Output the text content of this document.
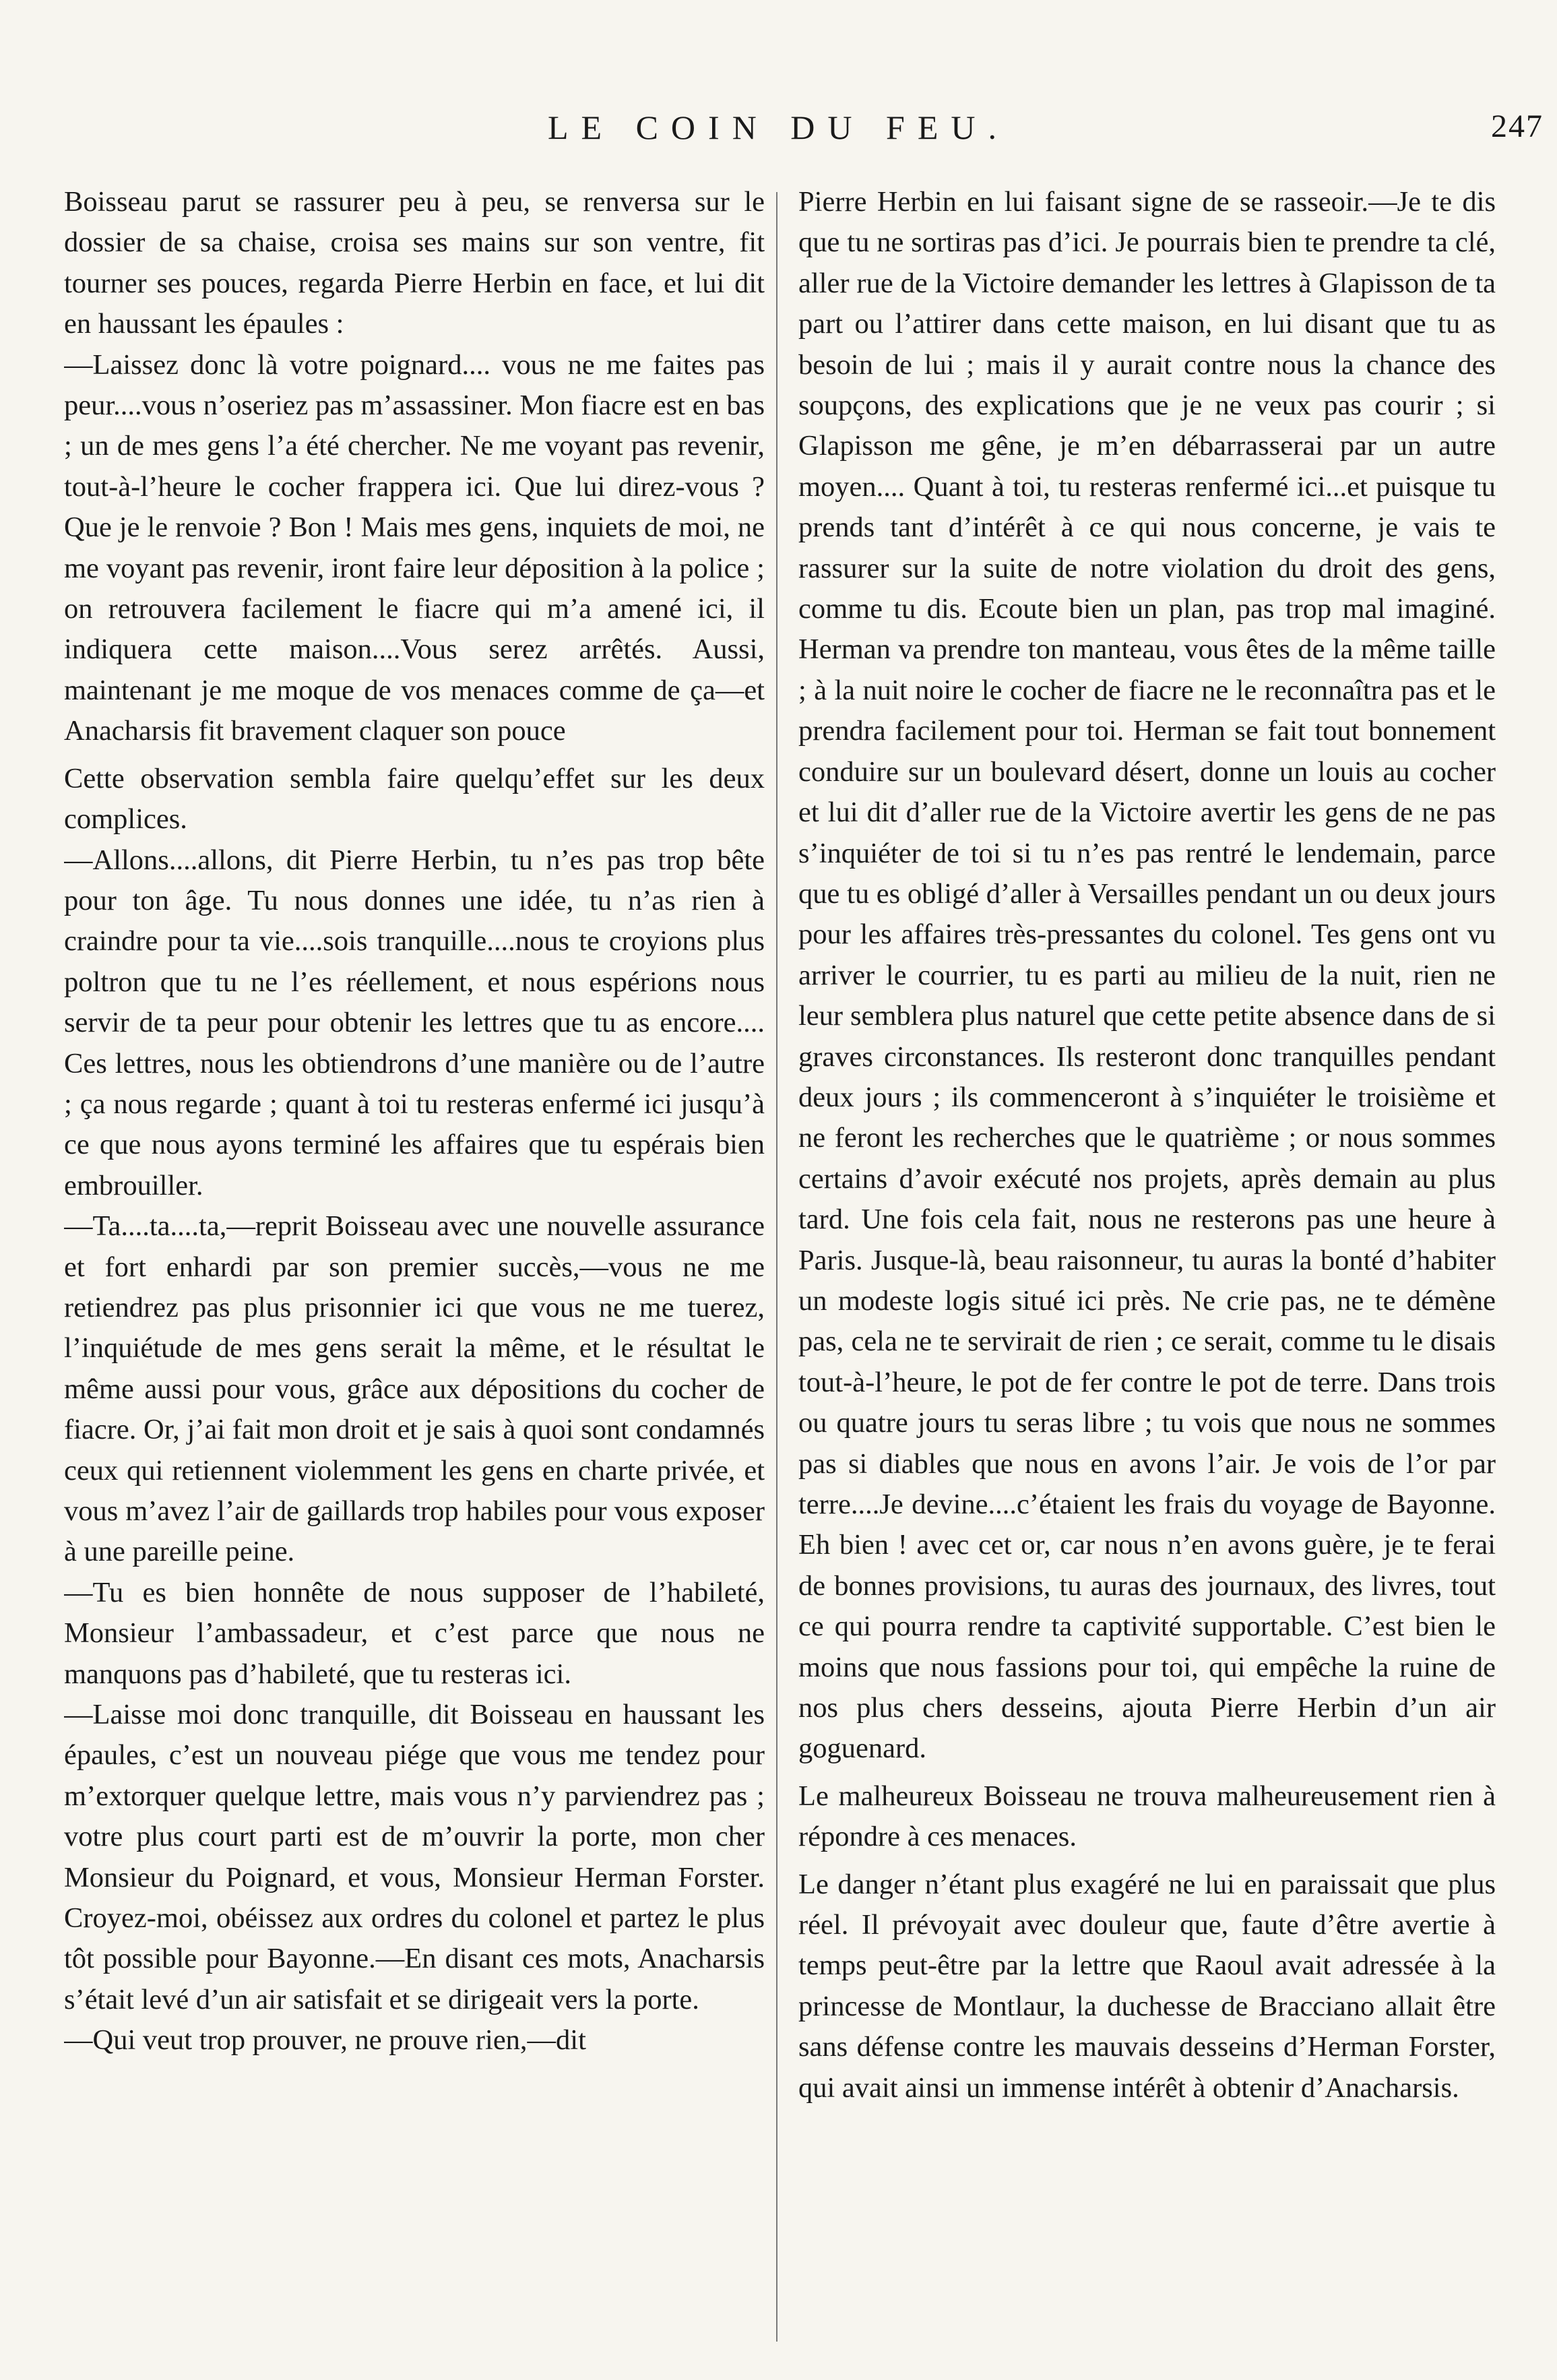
LE COIN DU FEU.	247

Boisseau parut se rassurer peu à peu, se renversa sur le dossier de sa chaise, croisa ses mains sur son ventre, fit tourner ses pouces, regarda Pierre Herbin en face, et lui dit en haussant les épaules :

—Laissez donc là votre poignard.... vous ne me faites pas peur....vous n’oseriez pas m’assassiner. Mon fiacre est en bas ; un de mes gens l’a été chercher. Ne me voyant pas revenir, tout-à-l’heure le cocher frappera ici. Que lui direz-vous ? Que je le renvoie ? Bon ! Mais mes gens, inquiets de moi, ne me voyant pas revenir, iront faire leur déposition à la police ; on retrouvera facilement le fiacre qui m’a amené ici, il indiquera cette maison....Vous serez arrêtés. Aussi, maintenant je me moque de vos menaces comme de ça—et Anacharsis fit bravement claquer son pouce

Cette observation sembla faire quelqu’effet sur les deux complices.

—Allons....allons, dit Pierre Herbin, tu n’es pas trop bête pour ton âge. Tu nous donnes une idée, tu n’as rien à craindre pour ta vie....sois tranquille....nous te croyions plus poltron que tu ne l’es réellement, et nous espérions nous servir de ta peur pour obtenir les lettres que tu as encore.... Ces lettres, nous les obtiendrons d’une manière ou de l’autre ; ça nous regarde ; quant à toi tu resteras enfermé ici jusqu’à ce que nous ayons terminé les affaires que tu espérais bien embrouiller.

—Ta....ta....ta,—reprit Boisseau avec une nouvelle assurance et fort enhardi par son premier succès,—vous ne me retiendrez pas plus prisonnier ici que vous ne me tuerez, l’inquiétude de mes gens serait la même, et le résultat le même aussi pour vous, grâce aux dépositions du cocher de fiacre. Or, j’ai fait mon droit et je sais à quoi sont condamnés ceux qui retiennent violemment les gens en charte privée, et vous m’avez l’air de gaillards trop habiles pour vous exposer à une pareille peine.

—Tu es bien honnête de nous supposer de l’habileté, Monsieur l’ambassadeur, et c’est parce que nous ne manquons pas d’habileté, que tu resteras ici.

—Laisse moi donc tranquille, dit Boisseau en haussant les épaules, c’est un nouveau piége que vous me tendez pour m’extorquer quelque lettre, mais vous n’y parviendrez pas ; votre plus court parti est de m’ouvrir la porte, mon cher Monsieur du Poignard, et vous, Monsieur Herman Forster. Croyez-moi, obéissez aux ordres du colonel et partez le plus tôt possible pour Bayonne.—En disant ces mots, Anacharsis s’était levé d’un air satisfait et se dirigeait vers la porte.

—Qui veut trop prouver, ne prouve rien,—dit

Pierre Herbin en lui faisant signe de se rasseoir.—Je te dis que tu ne sortiras pas d’ici. Je pourrais bien te prendre ta clé, aller rue de la Victoire demander les lettres à Glapisson de ta part ou l’attirer dans cette maison, en lui disant que tu as besoin de lui ; mais il y aurait contre nous la chance des soupçons, des explications que je ne veux pas courir ; si Glapisson me gêne, je m’en débarrasserai par un autre moyen.... Quant à toi, tu resteras renfermé ici...et puisque tu prends tant d’intérêt à ce qui nous concerne, je vais te rassurer sur la suite de notre violation du droit des gens, comme tu dis. Ecoute bien un plan, pas trop mal imaginé. Herman va prendre ton manteau, vous êtes de la même taille ; à la nuit noire le cocher de fiacre ne le reconnaîtra pas et le prendra facilement pour toi. Herman se fait tout bonnement conduire sur un boulevard désert, donne un louis au cocher et lui dit d’aller rue de la Victoire avertir les gens de ne pas s’inquiéter de toi si tu n’es pas rentré le lendemain, parce que tu es obligé d’aller à Versailles pendant un ou deux jours pour les affaires très-pressantes du colonel. Tes gens ont vu arriver le courrier, tu es parti au milieu de la nuit, rien ne leur semblera plus naturel que cette petite absence dans de si graves circonstances. Ils resteront donc tranquilles pendant deux jours ; ils commenceront à s’inquiéter le troisième et ne feront les recherches que le quatrième ; or nous sommes certains d’avoir exécuté nos projets, après demain au plus tard. Une fois cela fait, nous ne resterons pas une heure à Paris. Jusque-là, beau raisonneur, tu auras la bonté d’habiter un modeste logis situé ici près. Ne crie pas, ne te démène pas, cela ne te servirait de rien ; ce serait, comme tu le disais tout-à-l’heure, le pot de fer contre le pot de terre. Dans trois ou quatre jours tu seras libre ; tu vois que nous ne sommes pas si diables que nous en avons l’air. Je vois de l’or par terre....Je devine....c’étaient les frais du voyage de Bayonne. Eh bien ! avec cet or, car nous n’en avons guère, je te ferai de bonnes provisions, tu auras des journaux, des livres, tout ce qui pourra rendre ta captivité supportable. C’est bien le moins que nous fassions pour toi, qui empêche la ruine de nos plus chers desseins, ajouta Pierre Herbin d’un air goguenard.

Le malheureux Boisseau ne trouva malheureusement rien à répondre à ces menaces.

Le danger n’étant plus exagéré ne lui en paraissait que plus réel. Il prévoyait avec douleur que, faute d’être avertie à temps peut-être par la lettre que Raoul avait adressée à la princesse de Montlaur, la duchesse de Bracciano allait être sans défense contre les mauvais desseins d’Herman Forster, qui avait ainsi un immense intérêt à obtenir d’Anacharsis.
